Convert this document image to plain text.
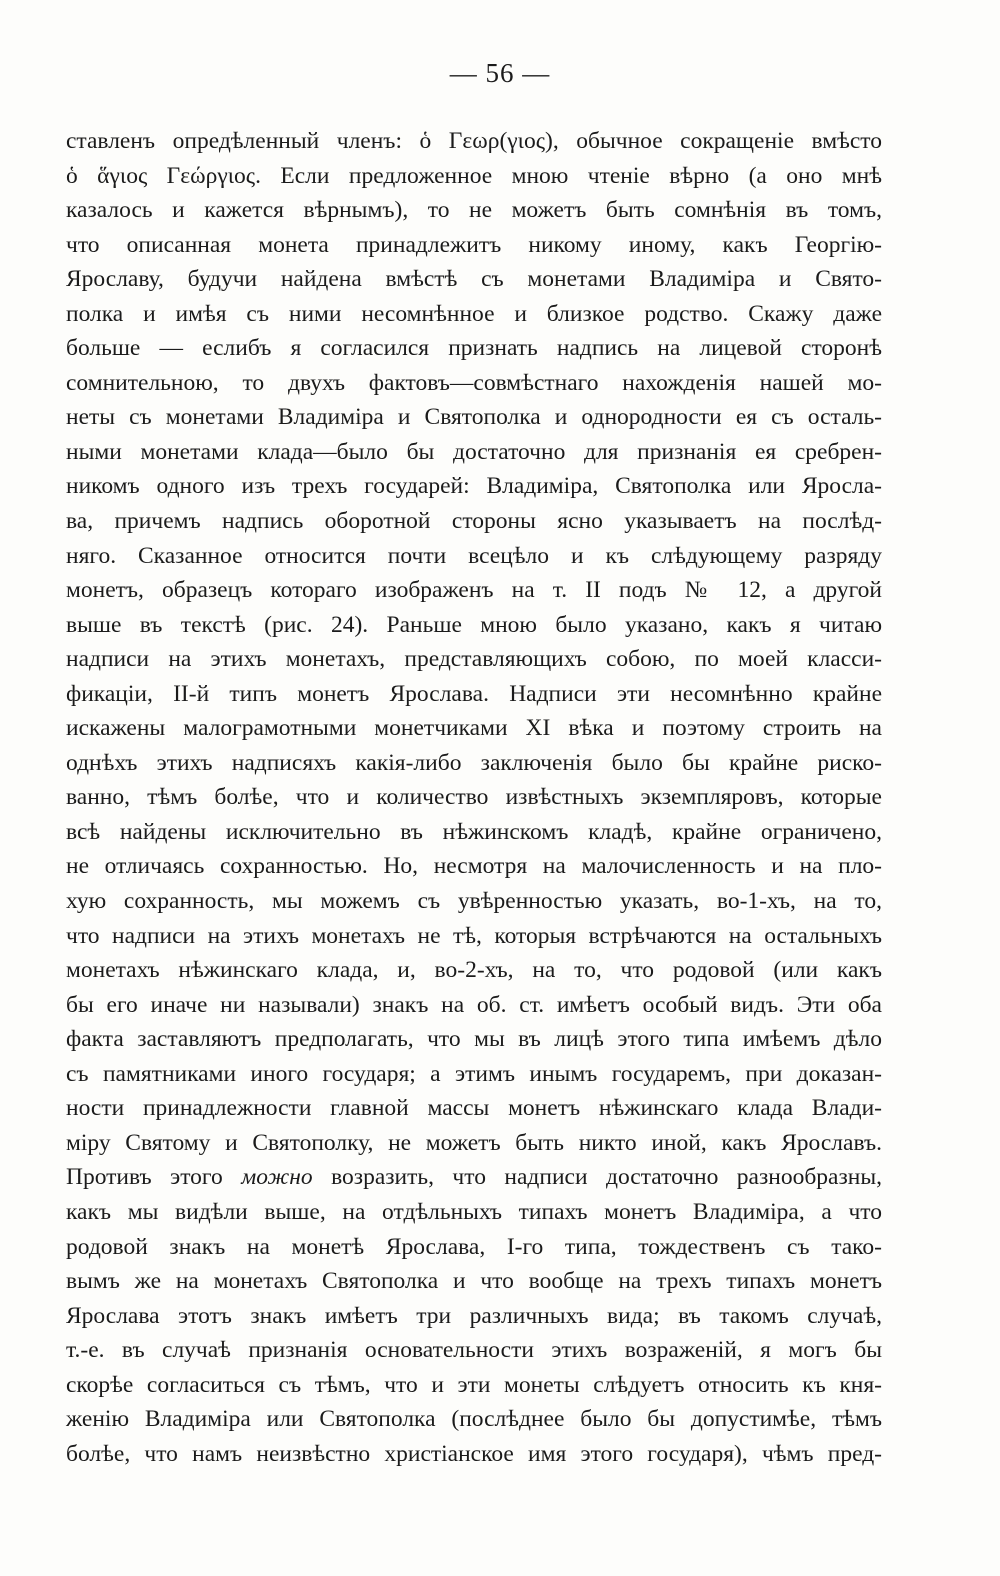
— 56 —
ставленъ опредѣленный членъ: ὁ Γεωρ(γιος), обычное сокращеніе вмѣсто
ὁ ἅγιος Γεώργιος. Если предложенное мною чтеніе вѣрно (а оно мнѣ
казалось и кажется вѣрнымъ), то не можетъ быть сомнѣнія въ томъ,
что описанная монета принадлежитъ никому иному, какъ Георгію-
Ярославу, будучи найдена вмѣстѣ съ монетами Владиміра и Свято-
полка и имѣя съ ними несомнѣнное и близкое родство. Скажу даже
больше — еслибъ я согласился признать надпись на лицевой сторонѣ
сомнительною, то двухъ фактовъ—совмѣстнаго нахожденія нашей мо-
неты съ монетами Владиміра и Святополка и однородности ея съ осталь-
ными монетами клада—было бы достаточно для признанія ея сребрен-
никомъ одного изъ трехъ государей: Владиміра, Святополка или Яросла-
ва, причемъ надпись оборотной стороны ясно указываетъ на послѣд-
няго. Сказанное относится почти всецѣло и къ слѣдующему разряду
монетъ, образецъ котораго изображенъ на т. II подъ № 12, а другой
выше въ текстѣ (рис. 24). Раньше мною было указано, какъ я читаю
надписи на этихъ монетахъ, представляющихъ собою, по моей класси-
фикаціи, II-й типъ монетъ Ярослава. Надписи эти несомнѣнно крайне
искажены малограмотными монетчиками XI вѣка и поэтому строить на
однѣхъ этихъ надписяхъ какія-либо заключенія было бы крайне риско-
ванно, тѣмъ болѣе, что и количество извѣстныхъ экземпляровъ, которые
всѣ найдены исключительно въ нѣжинскомъ кладѣ, крайне ограничено,
не отличаясь сохранностью. Но, несмотря на малочисленность и на пло-
хую сохранность, мы можемъ съ увѣренностью указать, во-1-хъ, на то,
что надписи на этихъ монетахъ не тѣ, которыя встрѣчаются на остальныхъ
монетахъ нѣжинскаго клада, и, во-2-хъ, на то, что родовой (или какъ
бы его иначе ни называли) знакъ на об. ст. имѣетъ особый видъ. Эти оба
факта заставляютъ предполагать, что мы въ лицѣ этого типа имѣемъ дѣло
съ памятниками иного государя; а этимъ инымъ государемъ, при доказан-
ности принадлежности главной массы монетъ нѣжинскаго клада Влади-
міру Святому и Святополку, не можетъ быть никто иной, какъ Ярославъ.
Противъ этого можно возразить, что надписи достаточно разнообразны,
какъ мы видѣли выше, на отдѣльныхъ типахъ монетъ Владиміра, а что
родовой знакъ на монетѣ Ярослава, I-го типа, тождественъ съ тако-
вымъ же на монетахъ Святополка и что вообще на трехъ типахъ монетъ
Ярослава этотъ знакъ имѣетъ три различныхъ вида; въ такомъ случаѣ,
т.-е. въ случаѣ признанія основательности этихъ возраженій, я могъ бы
скорѣе согласиться съ тѣмъ, что и эти монеты слѣдуетъ относить къ кня-
женію Владиміра или Святополка (послѣднее было бы допустимѣе, тѣмъ
болѣе, что намъ неизвѣстно христіанское имя этого государя), чѣмъ пред-
